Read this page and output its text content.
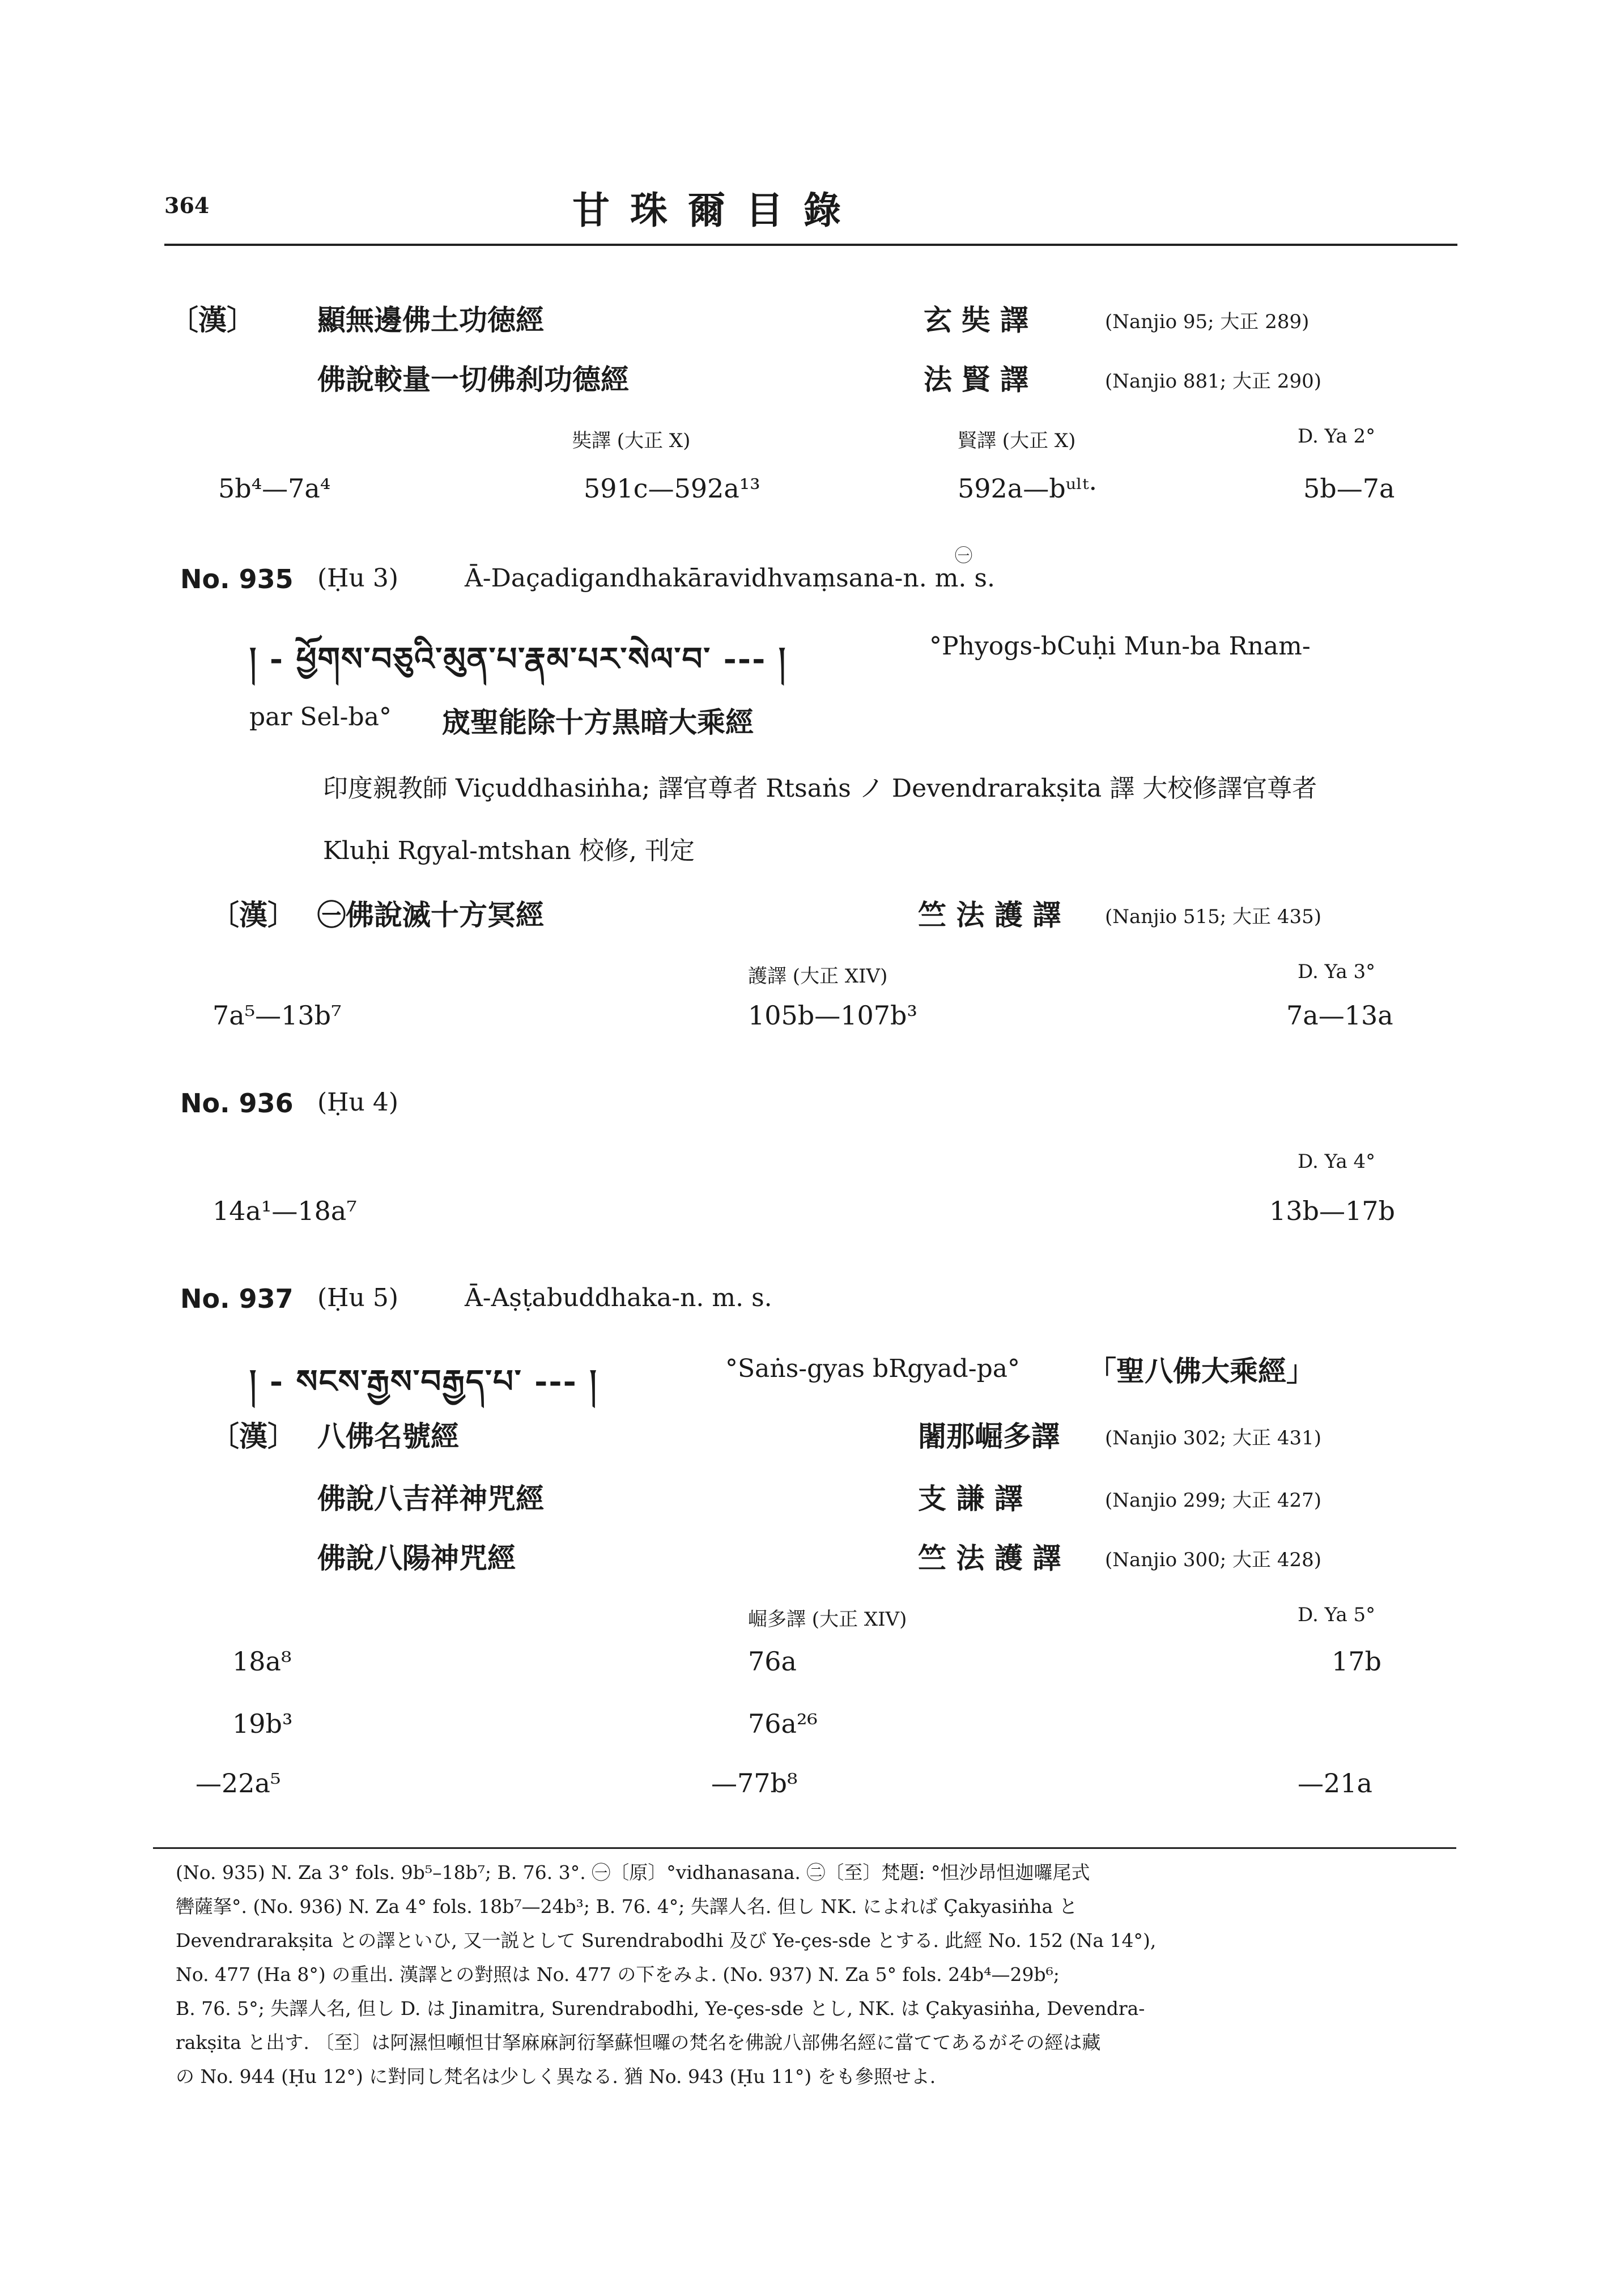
364	甘珠爾目錄
〔漢〕 顯無邊佛土功徳經	玄 奘 譯	(Nanjio 95; 大正 289)
佛說較量一切佛刹功德經	法 賢 譯	(Nanjio 881; 大正 290)
奘譯 (大正 X)	賢譯 (大正 X)	D. Ya 2°
5b⁴—7a⁴	591c—592a¹³	592a—bᵘˡᵗ·	5b—7a
No. 935 (Ḥu 3)	Ā-Daçadigandhakāravidhvaṃsana-n. m. s.
㊀
། - ཕྱོགས་བཅུའི་མུན་པ་རྣམ་པར་སེལ་བ་ --- །	°Phyogs-bCuḥi Mun-ba Rnam-
par Sel-ba° 宬聖能除十方黒暗大乘經
印度親教師 Viçuddhasiṅha; 譯官尊者 Rtsaṅs ノ Devendrarakṣita 譯 大校修譯官尊者
Kluḥi Rgyal-mtshan 校修, 刊定
〔漢〕 ㊀佛說滅十方冥經	竺 法 護 譯 (Nanjio 515; 大正 435)
護譯 (大正 XIV)	D. Ya 3°
7a⁵—13b⁷	105b—107b³	7a—13a
No. 936 (Ḥu 4)
D. Ya 4°
14a¹—18a⁷	13b—17b
No. 937 (Ḥu 5)	Ā-Aṣṭabuddhaka-n. m. s.
། - སངས་རྒྱས་བརྒྱད་པ་ --- །	°Saṅs-gyas bRgyad-pa° 「聖八佛大乘經」
〔漢〕 八佛名號經	闍那崛多譯 (Nanjio 302; 大正 431)
佛說八吉祥神咒經	支 謙 譯	(Nanjio 299; 大正 427)
佛說八陽神咒經	竺 法 護 譯 (Nanjio 300; 大正 428)
崛多譯 (大正 XIV)	D. Ya 5°
18a⁸	76a	17b
19b³	76a²⁶
—22a⁵	—77b⁸	—21a
(No. 935) N. Za 3° fols. 9b⁵–18b⁷; B. 76. 3°. ㊀〔原〕°vidhanasana. ㊁〔至〕梵題: °怛沙昂怛迦囉尾式
轡薩拏°. (No. 936) N. Za 4° fols. 18b⁷—24b³; B. 76. 4°; 失譯人名. 但し NK. によれば Çakyasiṅha と
Devendrarakṣita との譯といひ, 又一説として Surendrabodhi 及び Ye-çes-sde とする. 此經 No. 152 (Na 14°),
No. 477 (Ha 8°) の重出. 漢譯との對照は No. 477 の下をみよ. (No. 937) N. Za 5° fols. 24b⁴—29b⁶;
B. 76. 5°; 失譯人名, 但し D. は Jinamitra, Surendrabodhi, Ye-çes-sde とし, NK. は Çakyasiṅha, Devendra-
rakṣita と出す. 〔至〕は阿濕怛噸怛甘拏麻麻訶衍拏蘇怛囉の梵名を佛說八部佛名經に當ててあるがその經は藏
の No. 944 (Ḥu 12°) に對同し梵名は少しく異なる. 猶 No. 943 (Ḥu 11°) をも參照せよ.
